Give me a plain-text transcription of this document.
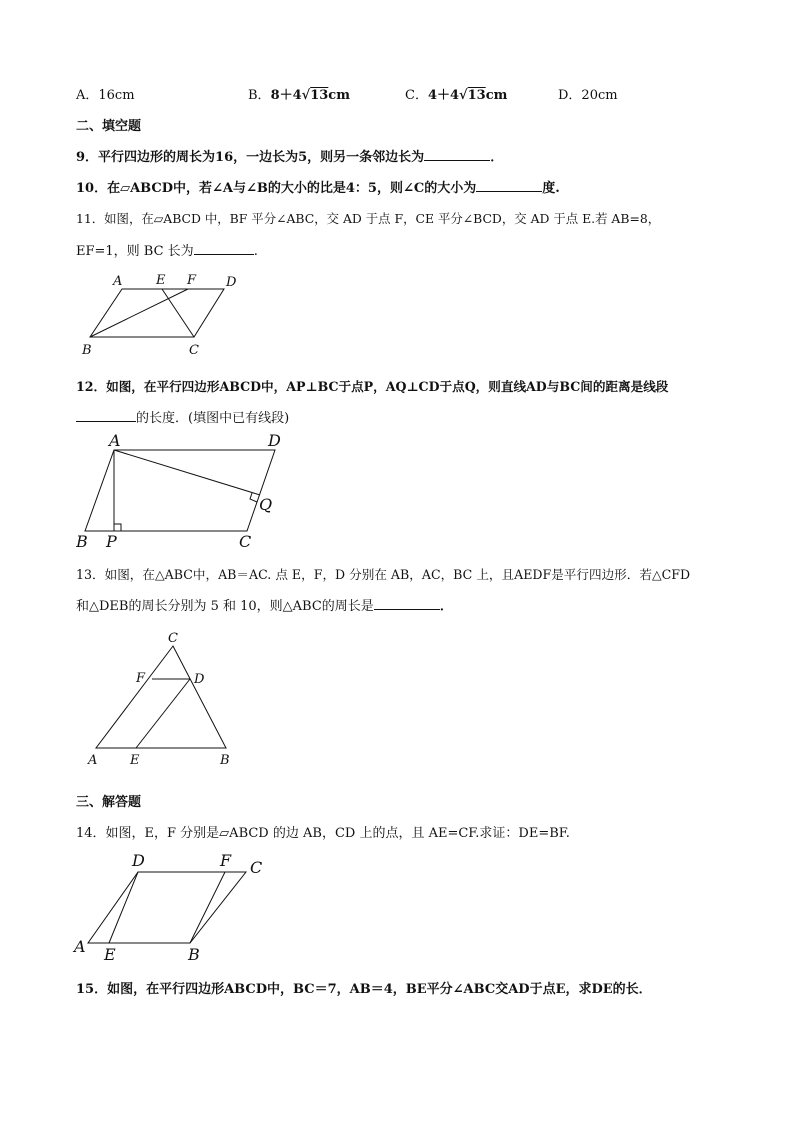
A．16cm	B．8＋4√13cm	C．4＋4√13cm	D．20cm
二、填空题
9．平行四边形的周长为16，一边长为5，则另一条邻边长为	．
10．在▱ABCD中，若∠A与∠B的大小的比是4：5，则∠C的大小为	度.
11．如图，在▱ABCD 中，BF 平分∠ABC，交 AD 于点 F，CE 平分∠BCD，交 AD 于点 E.若 AB=8，
EF=1，则 BC 长为	.
A	E F D
B	C
12．如图，在平行四边形ABCD中，AP⊥BC于点P，AQ⊥CD于点Q，则直线AD与BC间的距离是线段
的长度．(填图中已有线段)
A	D
Q
B P	C
13．如图，在△ABC中，AB＝AC. 点 E，F，D 分别在 AB，AC，BC 上，且AEDF是平行四边形．若△CFD
和△DEB的周长分别为 5 和 10，则△ABC的周长是	．
C
F	D
A	E	B
三、解答题
14．如图，E，F 分别是▱ABCD 的边 AB，CD 上的点，且 AE=CF.求证：DE=BF.
D	F C
A E	B
15．如图，在平行四边形ABCD中，BC＝7，AB＝4，BE平分∠ABC交AD于点E，求DE的长．
